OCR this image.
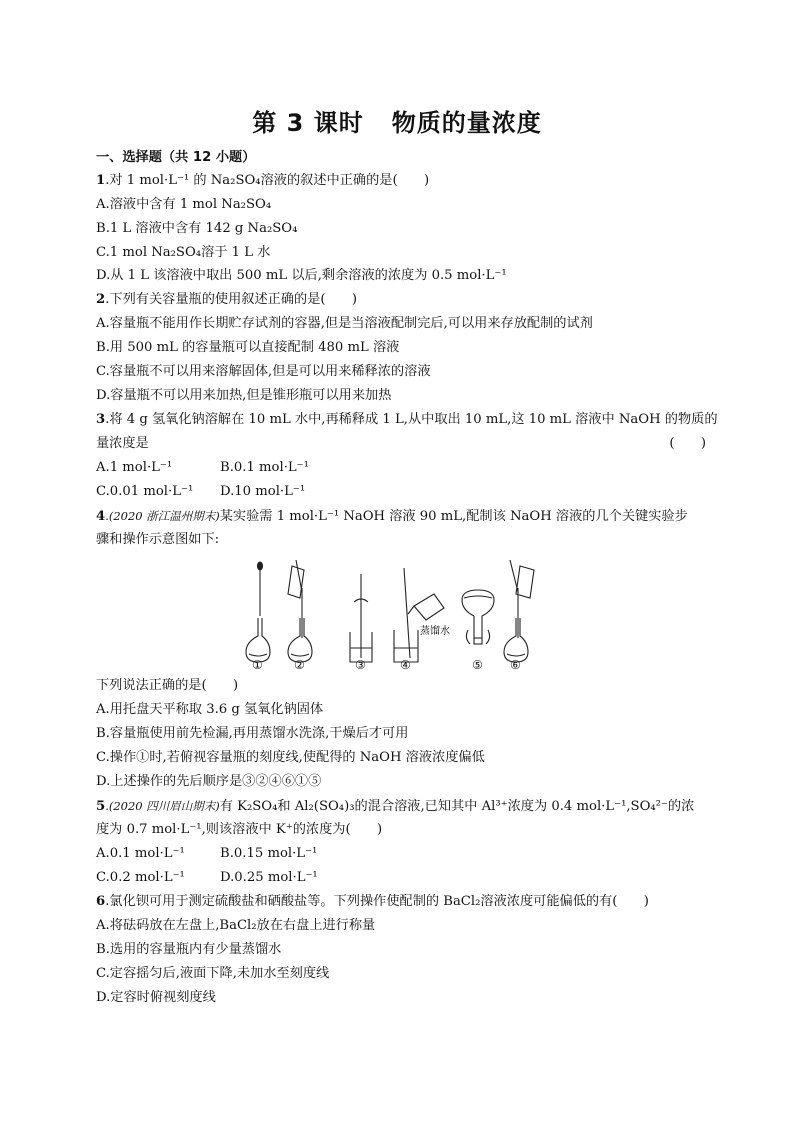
第 3 课时 物质的量浓度
一、选择题（共 12 小题）
1.对 1 mol·L⁻¹ 的 Na₂SO₄溶液的叙述中正确的是(　　)
A.溶液中含有 1 mol Na₂SO₄
B.1 L 溶液中含有 142 g Na₂SO₄
C.1 mol Na₂SO₄溶于 1 L 水
D.从 1 L 该溶液中取出 500 mL 以后,剩余溶液的浓度为 0.5 mol·L⁻¹
2.下列有关容量瓶的使用叙述正确的是(　　)
A.容量瓶不能用作长期贮存试剂的容器,但是当溶液配制完后,可以用来存放配制的试剂
B.用 500 mL 的容量瓶可以直接配制 480 mL 溶液
C.容量瓶不可以用来溶解固体,但是可以用来稀释浓的溶液
D.容量瓶不可以用来加热,但是锥形瓶可以用来加热
3.将 4 g 氢氧化钠溶解在 10 mL 水中,再稀释成 1 L,从中取出 10 mL,这 10 mL 溶液中 NaOH 的物质的
量浓度是	(　　)
A.1 mol·L⁻¹	B.0.1 mol·L⁻¹
C.0.01 mol·L⁻¹ D.10 mol·L⁻¹
4.(2020 浙江温州期末)某实验需 1 mol·L⁻¹ NaOH 溶液 90 mL,配制该 NaOH 溶液的几个关键实验步
骤和操作示意图如下:
蒸馏水
①	②	③	④	⑤ ⑥
下列说法正确的是(　　)
A.用托盘天平称取 3.6 g 氢氧化钠固体
B.容量瓶使用前先检漏,再用蒸馏水洗涤,干燥后才可用
C.操作①时,若俯视容量瓶的刻度线,使配得的 NaOH 溶液浓度偏低
D.上述操作的先后顺序是③②④⑥①⑤
5.(2020 四川眉山期末)有 K₂SO₄和 Al₂(SO₄)₃的混合溶液,已知其中 Al³⁺浓度为 0.4 mol·L⁻¹,SO₄²⁻的浓
度为 0.7 mol·L⁻¹,则该溶液中 K⁺的浓度为(　　)
A.0.1 mol·L⁻¹	B.0.15 mol·L⁻¹
C.0.2 mol·L⁻¹	D.0.25 mol·L⁻¹
6.氯化钡可用于测定硫酸盐和硒酸盐等。下列操作使配制的 BaCl₂溶液浓度可能偏低的有(　　)
A.将砝码放在左盘上,BaCl₂放在右盘上进行称量
B.选用的容量瓶内有少量蒸馏水
C.定容摇匀后,液面下降,未加水至刻度线
D.定容时俯视刻度线
